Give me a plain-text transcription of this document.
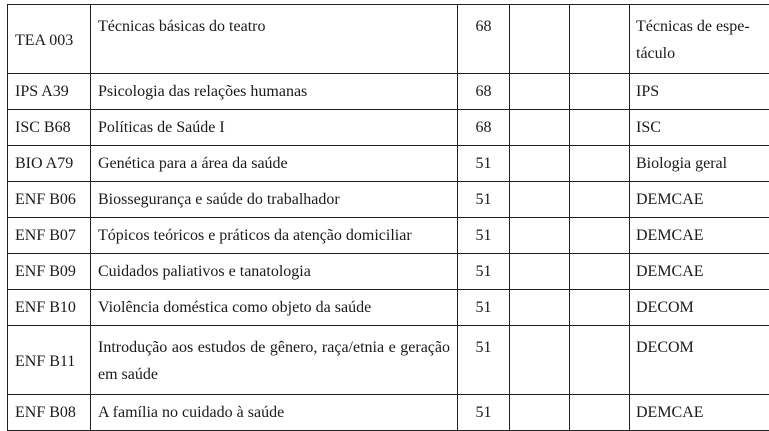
TEA 003	Técnicas básicas do teatro	68			Técnicas de espe-
táculo
IPS A39	Psicologia das relações humanas	68			IPS
ISC B68	Políticas de Saúde I	68			ISC
BIO A79	Genética para a área da saúde	51			Biologia geral
ENF B06	Biossegurança e saúde do trabalhador	51			DEMCAE
ENF B07	Tópicos teóricos e práticos da atenção domiciliar	51			DEMCAE
ENF B09	Cuidados paliativos e tanatologia	51			DEMCAE
ENF B10	Violência doméstica como objeto da saúde	51			DECOM
ENF B11	Introdução aos estudos de gênero, raça/etnia e geração em saúde	51			DECOM
ENF B08	A família no cuidado à saúde	51			DEMCAE
